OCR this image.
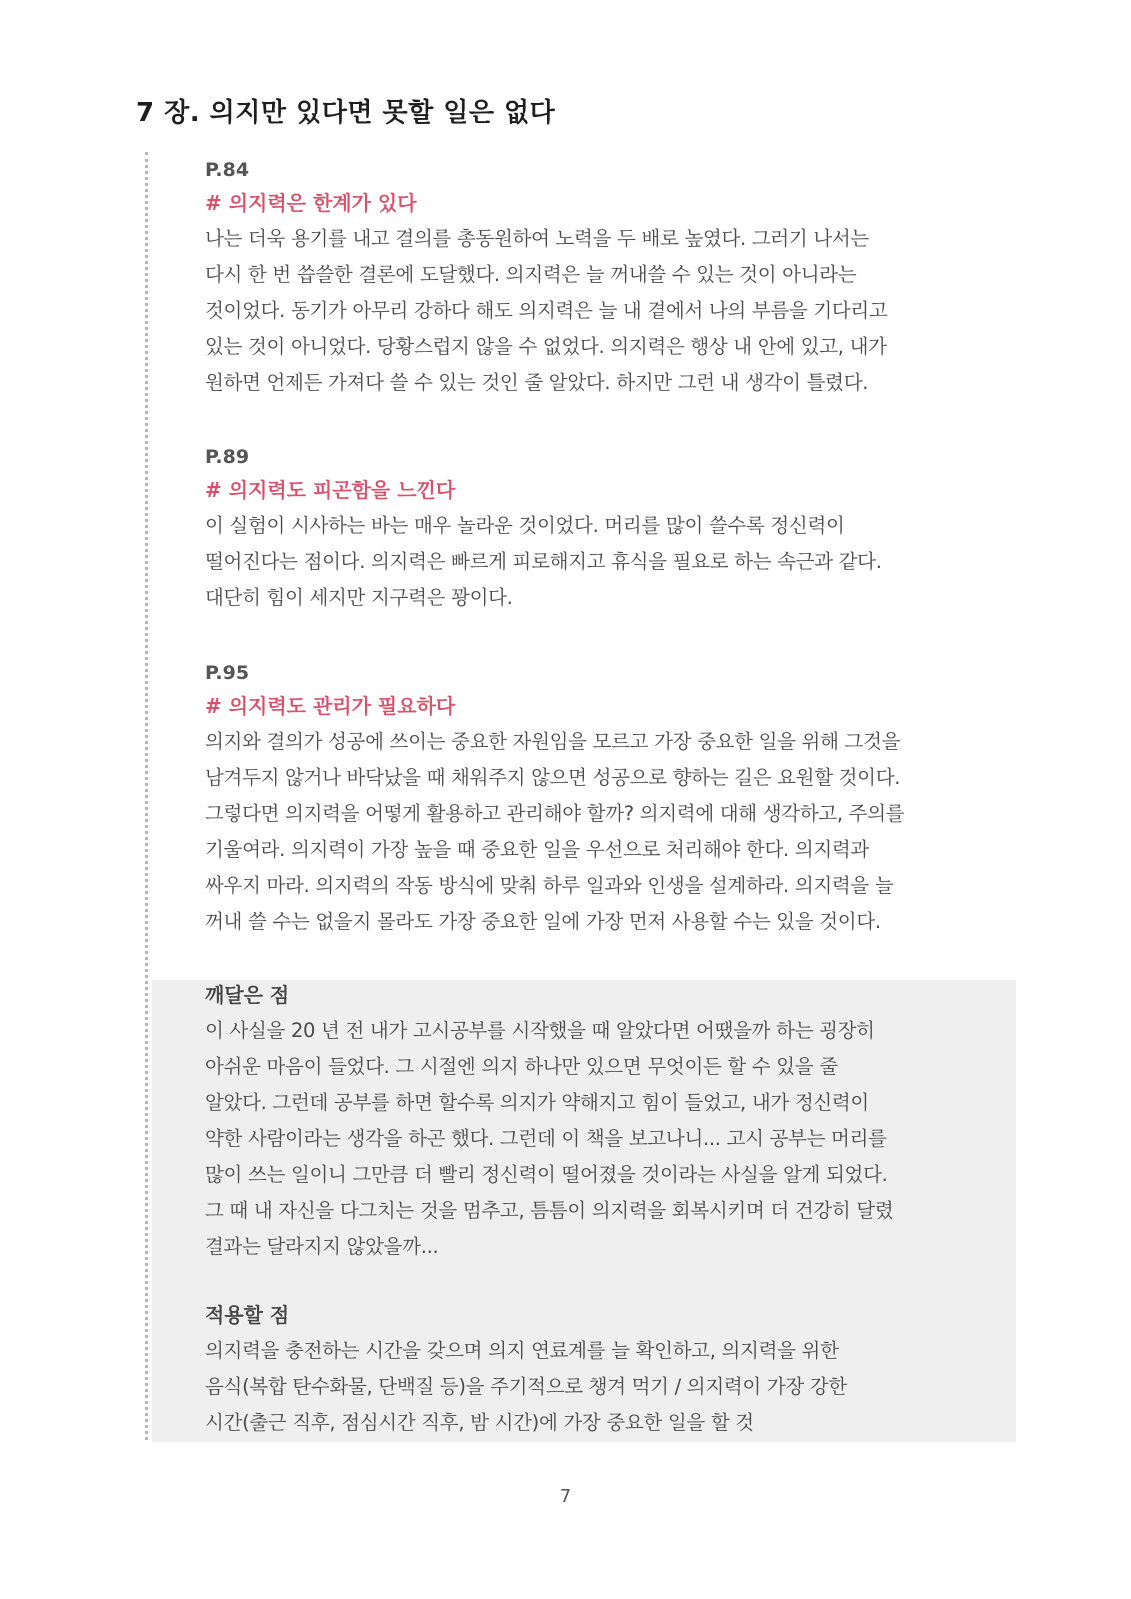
7 장. 의지만 있다면 못할 일은 없다
P.84
# 의지력은 한계가 있다
나는 더욱 용기를 내고 결의를 총동원하여 노력을 두 배로 높였다. 그러기 나서는
다시 한 번 씁쓸한 결론에 도달했다. 의지력은 늘 꺼내쓸 수 있는 것이 아니라는
것이었다. 동기가 아무리 강하다 해도 의지력은 늘 내 곁에서 나의 부름을 기다리고
있는 것이 아니었다. 당황스럽지 않을 수 없었다. 의지력은 행상 내 안에 있고, 내가
원하면 언제든 가져다 쓸 수 있는 것인 줄 알았다. 하지만 그런 내 생각이 틀렸다.
P.89
# 의지력도 피곤함을 느낀다
이 실험이 시사하는 바는 매우 놀라운 것이었다. 머리를 많이 쓸수록 정신력이
떨어진다는 점이다. 의지력은 빠르게 피로해지고 휴식을 필요로 하는 속근과 같다.
대단히 힘이 세지만 지구력은 꽝이다.
P.95
# 의지력도 관리가 필요하다
의지와 결의가 성공에 쓰이는 중요한 자원임을 모르고 가장 중요한 일을 위해 그것을
남겨두지 않거나 바닥났을 때 채워주지 않으면 성공으로 향하는 길은 요원할 것이다.
그렇다면 의지력을 어떻게 활용하고 관리해야 할까? 의지력에 대해 생각하고, 주의를
기울여라. 의지력이 가장 높을 때 중요한 일을 우선으로 처리해야 한다. 의지력과
싸우지 마라. 의지력의 작동 방식에 맞춰 하루 일과와 인생을 설계하라. 의지력을 늘
꺼내 쓸 수는 없을지 몰라도 가장 중요한 일에 가장 먼저 사용할 수는 있을 것이다.
깨달은 점
이 사실을 20 년 전 내가 고시공부를 시작했을 때 알았다면 어땠을까 하는 굉장히
아쉬운 마음이 들었다. 그 시절엔 의지 하나만 있으면 무엇이든 할 수 있을 줄
알았다. 그런데 공부를 하면 할수록 의지가 약해지고 힘이 들었고, 내가 정신력이
약한 사람이라는 생각을 하곤 했다. 그런데 이 책을 보고나니... 고시 공부는 머리를
많이 쓰는 일이니 그만큼 더 빨리 정신력이 떨어졌을 것이라는 사실을 알게 되었다.
그 때 내 자신을 다그치는 것을 멈추고, 틈틈이 의지력을 회복시키며 더 건강히 달렸
결과는 달라지지 않았을까...
적용할 점
의지력을 충전하는 시간을 갖으며 의지 연료계를 늘 확인하고, 의지력을 위한
음식(복합 탄수화물, 단백질 등)을 주기적으로 챙겨 먹기 / 의지력이 가장 강한
시간(출근 직후, 점심시간 직후, 밤 시간)에 가장 중요한 일을 할 것
7
